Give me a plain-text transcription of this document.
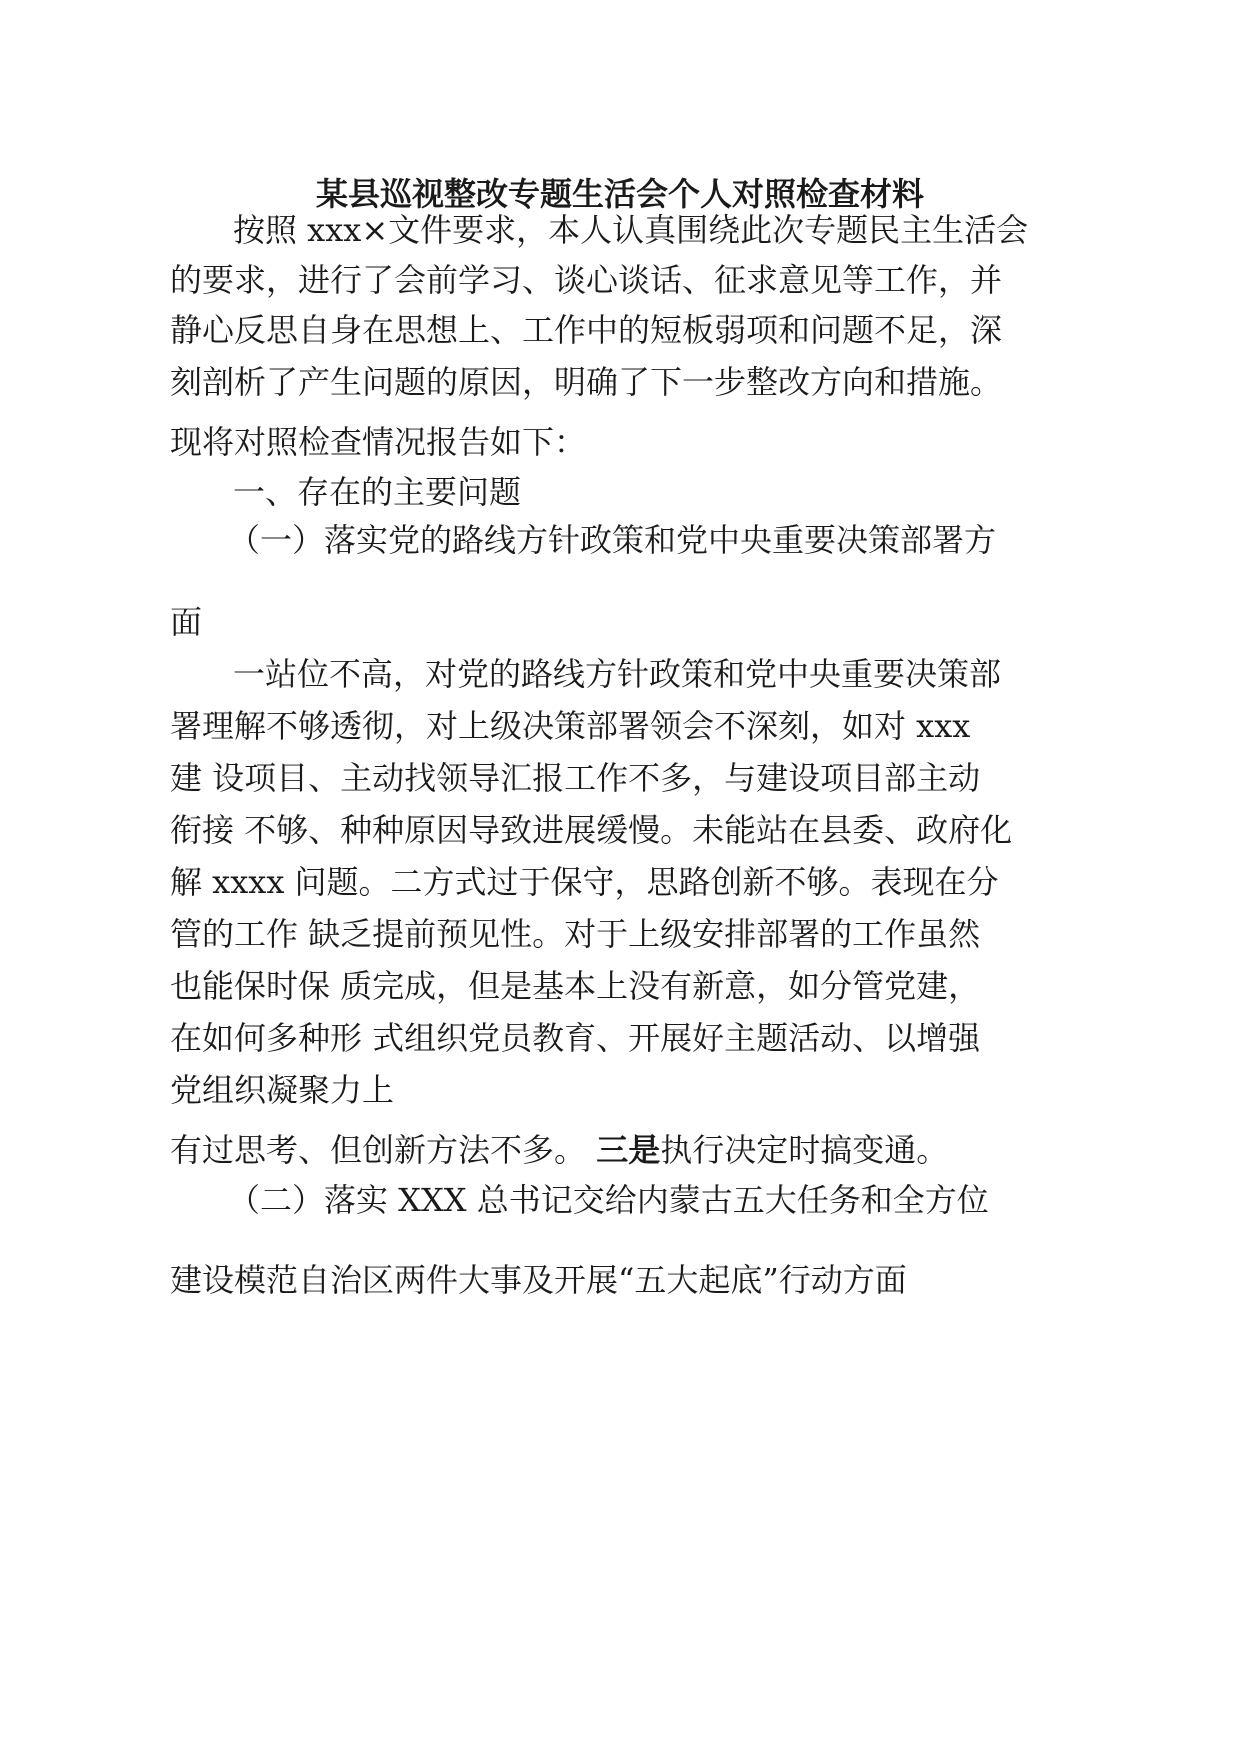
某县巡视整改专题生活会个人对照检查材料
按照 xxx×文件要求，本人认真围绕此次专题民主生活会
的要求，进行了会前学习、谈心谈话、征求意见等工作，并
静心反思自身在思想上、工作中的短板弱项和问题不足，深
刻剖析了产生问题的原因，明确了下一步整改方向和措施。
现将对照检查情况报告如下：
一、存在的主要问题
（一）落实党的路线方针政策和党中央重要决策部署方
面
一站位不高，对党的路线方针政策和党中央重要决策部
署理解不够透彻，对上级决策部署领会不深刻，如对 xxx
建 设项目、主动找领导汇报工作不多，与建设项目部主动
衔接 不够、种种原因导致进展缓慢。未能站在县委、政府化
解 xxxx 问题。二方式过于保守，思路创新不够。表现在分
管的工作 缺乏提前预见性。对于上级安排部署的工作虽然
也能保时保 质完成，但是基本上没有新意，如分管党建，
在如何多种形 式组织党员教育、开展好主题活动、以增强
党组织凝聚力上
有过思考、但创新方法不多。 三是执行决定时搞变通。
（二）落实 XXX 总书记交给内蒙古五大任务和全方位
建设模范自治区两件大事及开展“五大起底”行动方面
